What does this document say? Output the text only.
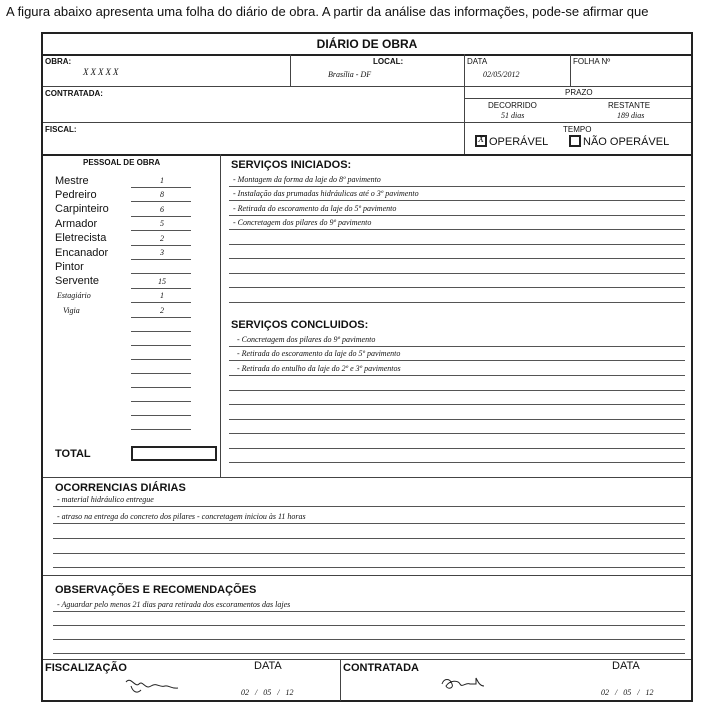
A figura abaixo apresenta uma folha do diário de obra. A partir da análise das informações, pode-se afirmar que
DIÁRIO DE OBRA
OBRA:
XXXXX
LOCAL:
Brasília - DF
DATA
02/05/2012
FOLHA Nº
CONTRATADA:	PRAZO
DECORRIDO
51 dias
RESTANTE
189 dias
FISCAL:	TEMPO
X OPERÁVEL	NÃO OPERÁVEL
PESSOAL DE OBRA
Mestre	1
Pedreiro	8
Carpinteiro	6
Armador	5
Eletrecista	2
Encanador	3
Pintor
Servente	15
Estagiário	1
Vigia	2
TOTAL
SERVIÇOS INICIADOS:
- Montagem da forma da laje do 8º pavimento
- Instalação das prumadas hidráulicas até o 3º pavimento
- Retirada do escoramento da laje do 5º pavimento
- Concretagem dos pilares do 9º pavimento
SERVIÇOS CONCLUIDOS:
- Concretagem dos pilares do 9º pavimento
- Retirada do escoramento da laje do 5º pavimento
- Retirada do entulho da laje do 2º e 3º pavimentos
OCORRENCIAS DIÁRIAS
- material hidráulico entregue
- atraso na entrega do concreto dos pilares - concretagem iniciou às 11 horas
OBSERVAÇÕES E RECOMENDAÇÕES
- Aguardar pelo menos 21 dias para retirada dos escoramentos das lajes
FISCALIZAÇÃO	DATA
02 / 05 / 12
CONTRATADA	DATA
02 / 05 / 12
